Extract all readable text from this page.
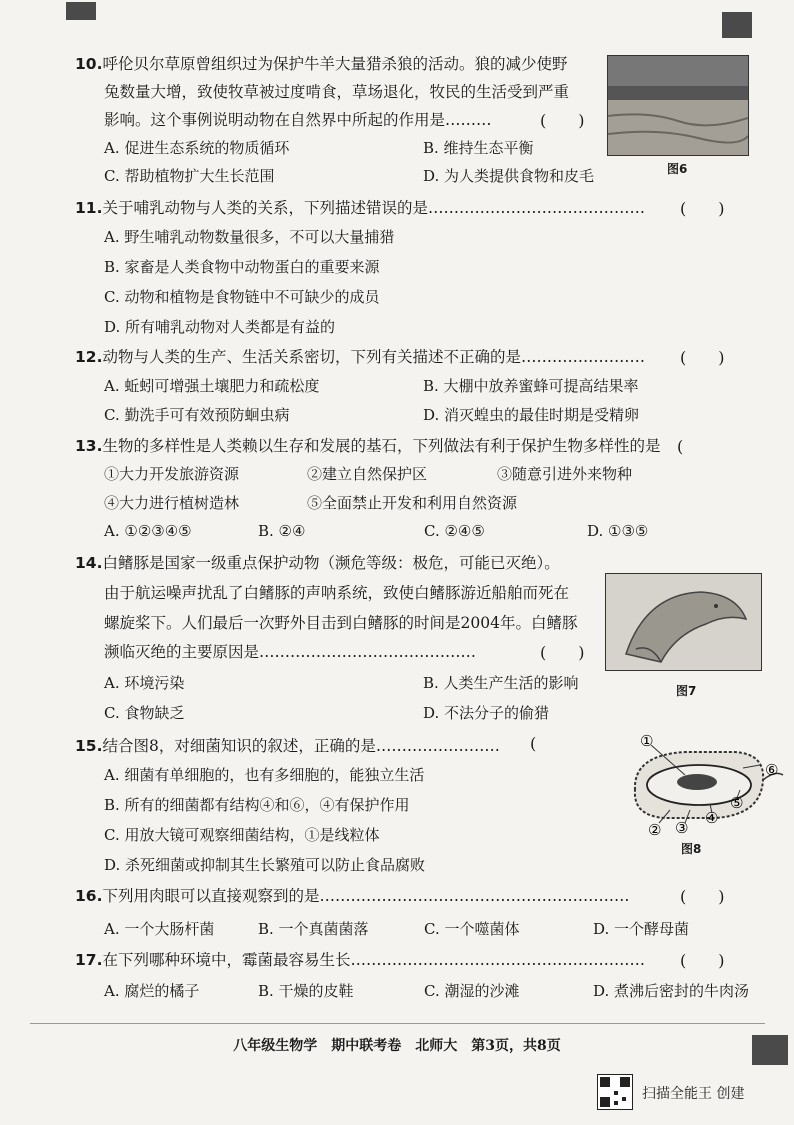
10.呼伦贝尔草原曾组织过为保护牛羊大量猎杀狼的活动。狼的减少使野
兔数量大增，致使牧草被过度啃食，草场退化，牧民的生活受到严重
影响。这个事例说明动物在自然界中所起的作用是………	(　　)
A. 促进生态系统的物质循环	B. 维持生态平衡
C. 帮助植物扩大生长范围	D. 为人类提供食物和皮毛	图6
11.关于哺乳动物与人类的关系，下列描述错误的是…………………………………… (　　)
A. 野生哺乳动物数量很多，不可以大量捕猎
B. 家畜是人类食物中动物蛋白的重要来源
C. 动物和植物是食物链中不可缺少的成员
D. 所有哺乳动物对人类都是有益的
12.动物与人类的生产、生活关系密切，下列有关描述不正确的是…………………… (　　)
A. 蚯蚓可增强土壤肥力和疏松度	B. 大棚中放养蜜蜂可提高结果率
C. 勤洗手可有效预防蛔虫病	D. 消灭蝗虫的最佳时期是受精卵
13.生物的多样性是人类赖以生存和发展的基石，下列做法有利于保护生物多样性的是 (　
①大力开发旅游资源	②建立自然保护区	③随意引进外来物种
④大力进行植树造林	⑤全面禁止开发和利用自然资源
A. ①②③④⑤	B. ②④	C. ②④⑤	D. ①③⑤
14.白鳍豚是国家一级重点保护动物（濒危等级：极危，可能已灭绝）。
由于航运噪声扰乱了白鳍豚的声呐系统，致使白鳍豚游近船舶而死在
螺旋桨下。人们最后一次野外目击到白鳍豚的时间是2004年。白鳍豚
濒临灭绝的主要原因是……………………………………	(　　)
A. 环境污染	B. 人类生产生活的影响
C. 食物缺乏	D. 不法分子的偷猎
图7
15.结合图8，对细菌知识的叙述，正确的是…………………… (
A. 细菌有单细胞的，也有多细胞的，能独立生活
B. 所有的细菌都有结构④和⑥，④有保护作用
C. 用放大镜可观察细菌结构，①是线粒体
D. 杀死细菌或抑制其生长繁殖可以防止食品腐败
①
② ③
④
⑤
⑥
图8
16.下列用肉眼可以直接观察到的是……………………………………………………	(　　)
A. 一个大肠杆菌	B. 一个真菌菌落	C. 一个噬菌体	D. 一个酵母菌
17.在下列哪种环境中，霉菌最容易生长………………………………………………… (　　)
A. 腐烂的橘子	B. 干燥的皮鞋	C. 潮湿的沙滩	D. 煮沸后密封的牛肉汤
八年级生物学　期中联考卷　北师大　第3页，共8页
扫描全能王 创建
